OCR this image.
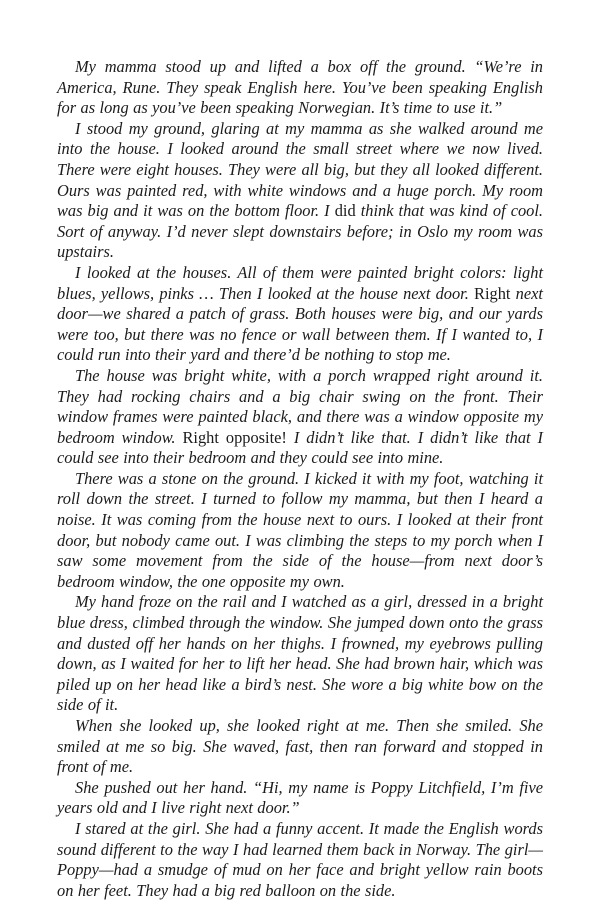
My mamma stood up and lifted a box off the ground. “We’re in America, Rune. They speak English here. You’ve been speaking English for as long as you’ve been speaking Norwegian. It’s time to use it.”

I stood my ground, glaring at my mamma as she walked around me into the house. I looked around the small street where we now lived. There were eight houses. They were all big, but they all looked different. Ours was painted red, with white windows and a huge porch. My room was big and it was on the bottom floor. I did think that was kind of cool. Sort of anyway. I’d never slept downstairs before; in Oslo my room was upstairs.

I looked at the houses. All of them were painted bright colors: light blues, yellows, pinks … Then I looked at the house next door. Right next door—we shared a patch of grass. Both houses were big, and our yards were too, but there was no fence or wall between them. If I wanted to, I could run into their yard and there’d be nothing to stop me.

The house was bright white, with a porch wrapped right around it. They had rocking chairs and a big chair swing on the front. Their window frames were painted black, and there was a window opposite my bedroom window. Right opposite! I didn’t like that. I didn’t like that I could see into their bedroom and they could see into mine.

There was a stone on the ground. I kicked it with my foot, watching it roll down the street. I turned to follow my mamma, but then I heard a noise. It was coming from the house next to ours. I looked at their front door, but nobody came out. I was climbing the steps to my porch when I saw some movement from the side of the house—from next door’s bedroom window, the one opposite my own.

My hand froze on the rail and I watched as a girl, dressed in a bright blue dress, climbed through the window. She jumped down onto the grass and dusted off her hands on her thighs. I frowned, my eyebrows pulling down, as I waited for her to lift her head. She had brown hair, which was piled up on her head like a bird’s nest. She wore a big white bow on the side of it.

When she looked up, she looked right at me. Then she smiled. She smiled at me so big. She waved, fast, then ran forward and stopped in front of me.

She pushed out her hand. “Hi, my name is Poppy Litchfield, I’m five years old and I live right next door.”

I stared at the girl. She had a funny accent. It made the English words sound different to the way I had learned them back in Norway. The girl—Poppy—had a smudge of mud on her face and bright yellow rain boots on her feet. They had a big red balloon on the side.
